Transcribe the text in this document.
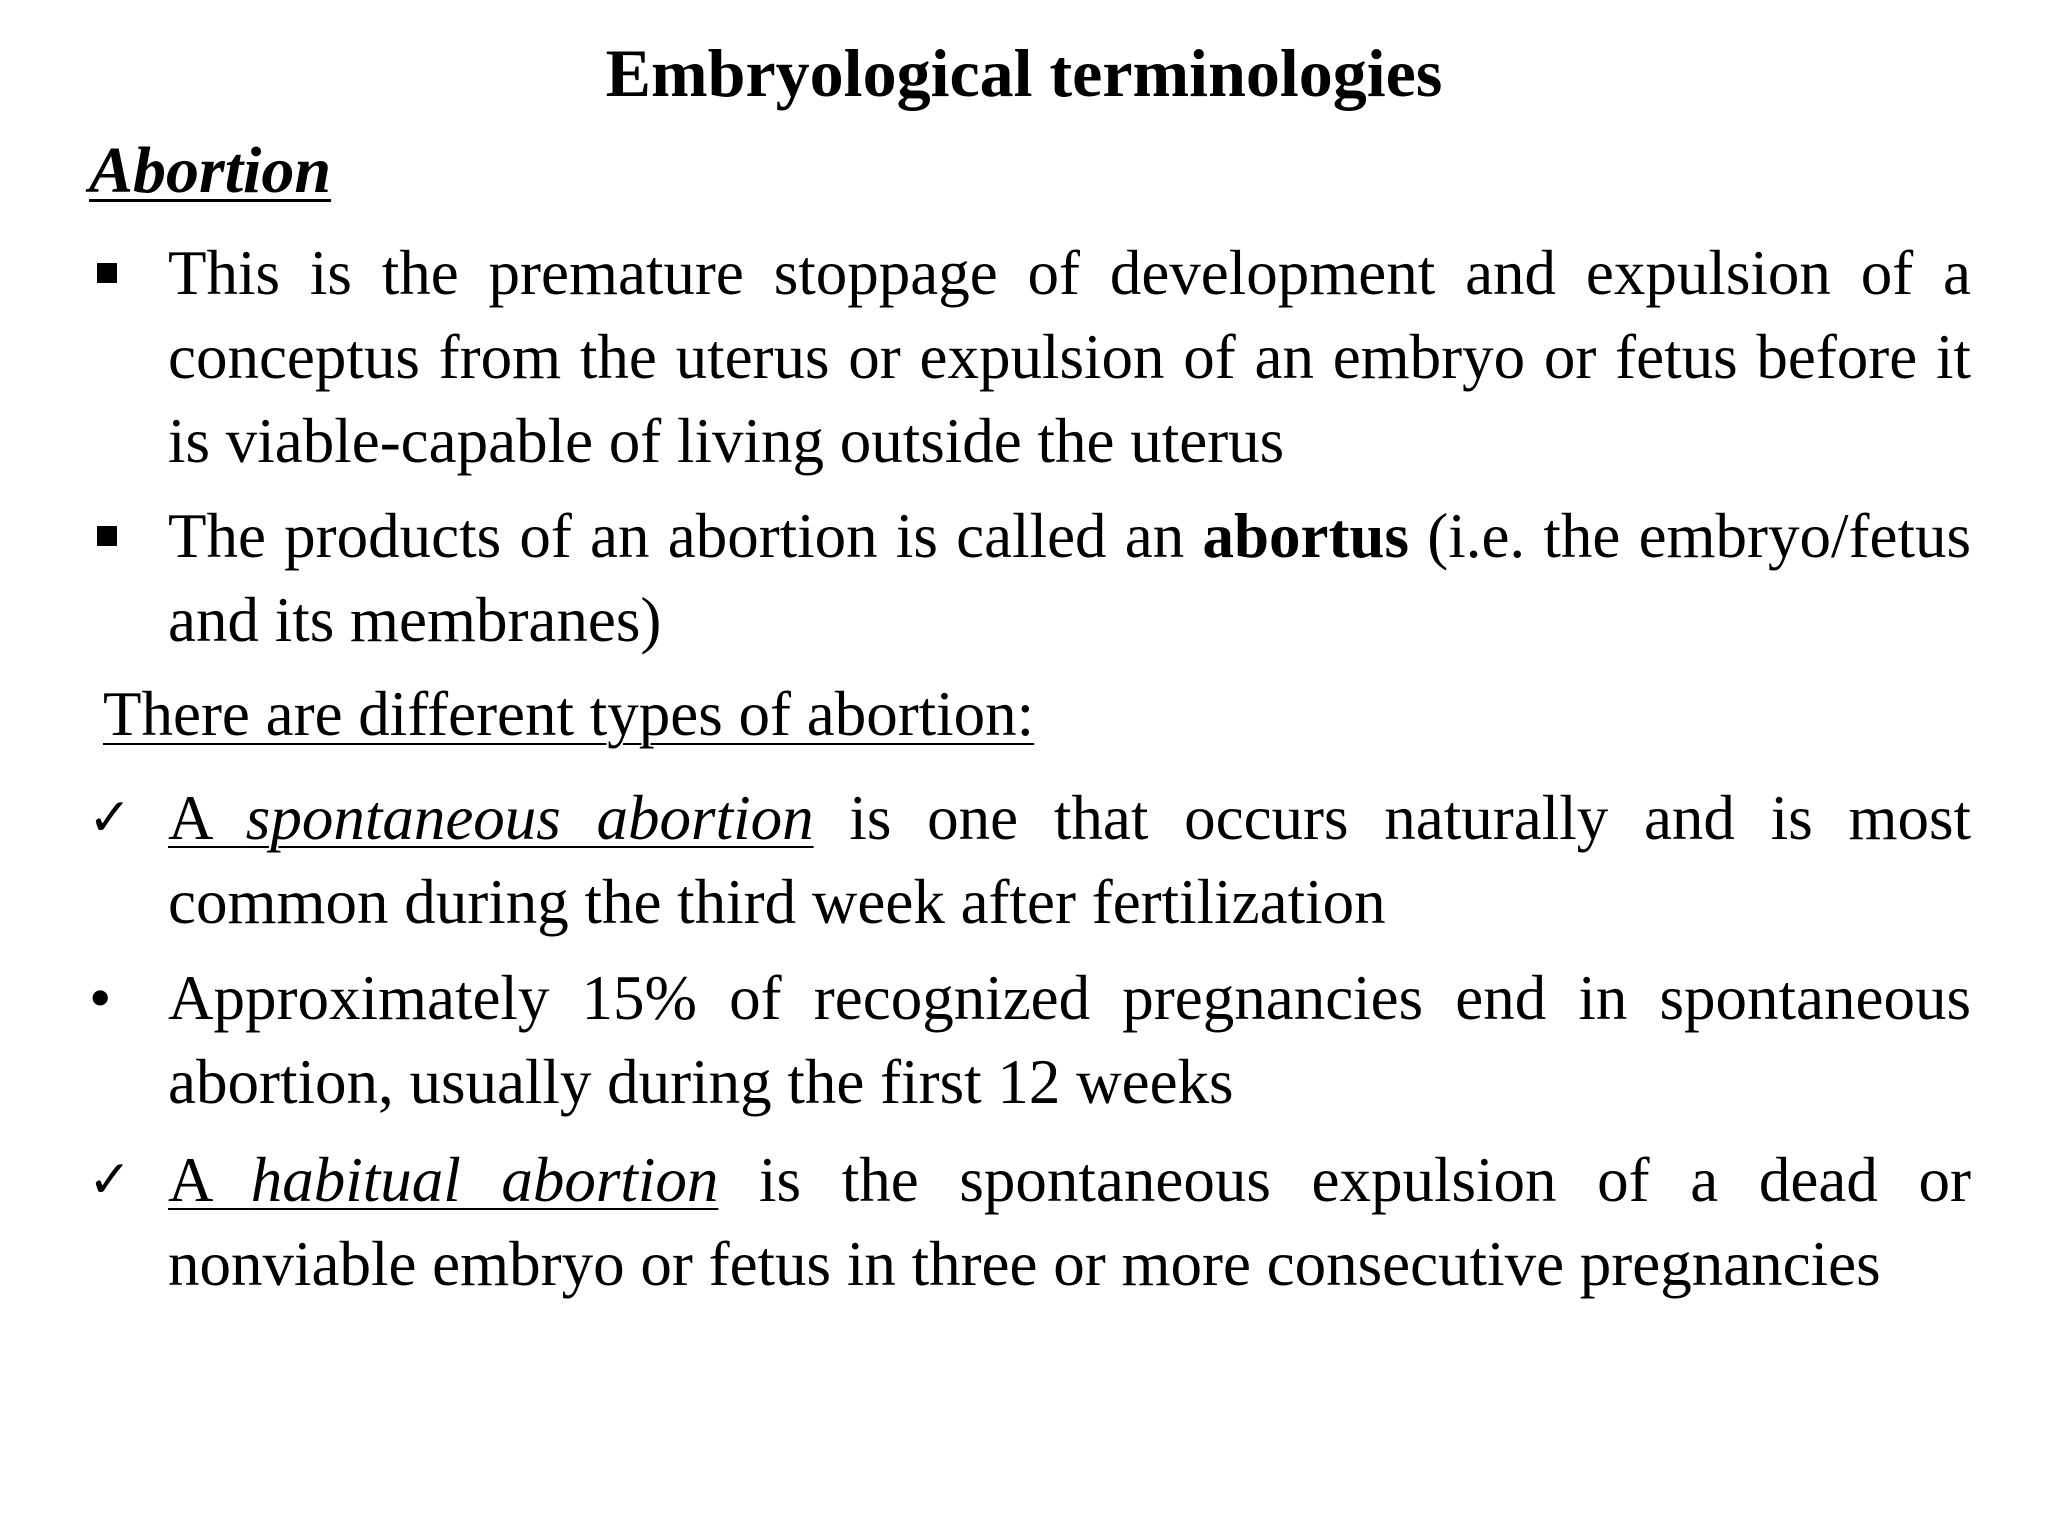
Embryological terminologies
Abortion
This is the premature stoppage of development and expulsion of a conceptus from the uterus or expulsion of an embryo or fetus before it is viable-capable of living outside the uterus
The products of an abortion is called an abortus (i.e. the embryo/fetus and its membranes)
There are different types of abortion:
✓ A spontaneous abortion is one that occurs naturally and is most common during the third week after fertilization
• Approximately 15% of recognized pregnancies end in spontaneous abortion, usually during the first 12 weeks
✓ A habitual abortion is the spontaneous expulsion of a dead or nonviable embryo or fetus in three or more consecutive pregnancies
